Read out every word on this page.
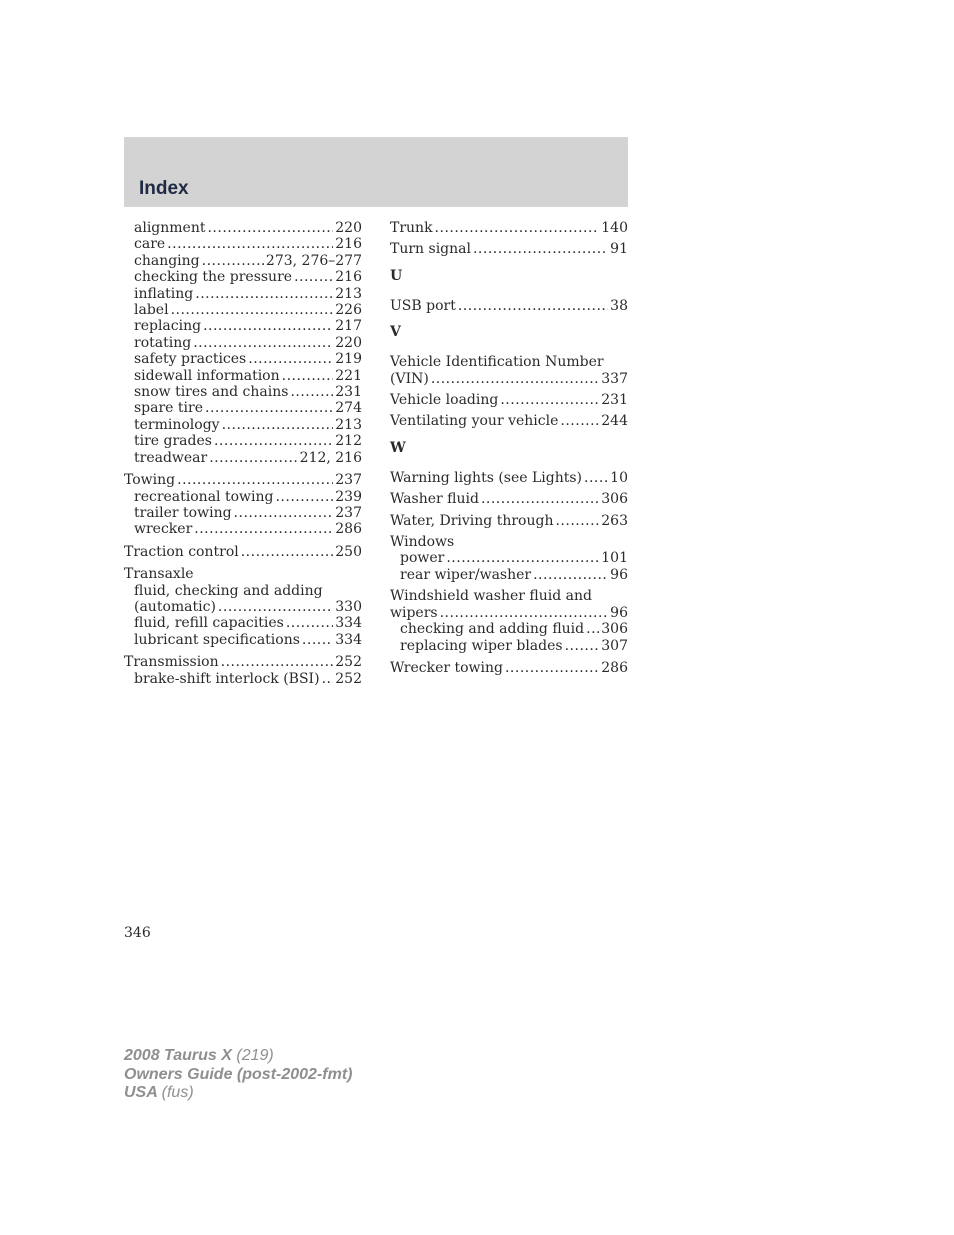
Index
alignment .....	220
care .....	216
changing .....	273, 276–277
checking the pressure .....	216
inflating .....	213
label .....	226
replacing .....	217
rotating .....	220
safety practices .....	219
sidewall information .....	221
snow tires and chains .....	231
spare tire .....	274
terminology .....	213
tire grades .....	212
treadwear .....	212, 216
Towing .....	237
recreational towing .....	239
trailer towing .....	237
wrecker .....	286
Traction control .....	250
Transaxle
fluid, checking and adding
(automatic) .....	330
fluid, refill capacities .....	334
lubricant specifications .....	334
Transmission .....	252
brake-shift interlock (BSI) ..... 252
Trunk .....	140
Turn signal .....	91
U
USB port .....	38
V
Vehicle Identification Number
(VIN) .....	337
Vehicle loading .....	231
Ventilating your vehicle .....	244
W
Warning lights (see Lights) ..... 10
Washer fluid .....	306
Water, Driving through .....	263
Windows
power .....	101
rear wiper/washer .....	96
Windshield washer fluid and
wipers .....	96
checking and adding fluid ..... 306
replacing wiper blades .....	307
Wrecker towing .....	286
346
2008 Taurus X (219)
Owners Guide (post-2002-fmt)
USA (fus)
